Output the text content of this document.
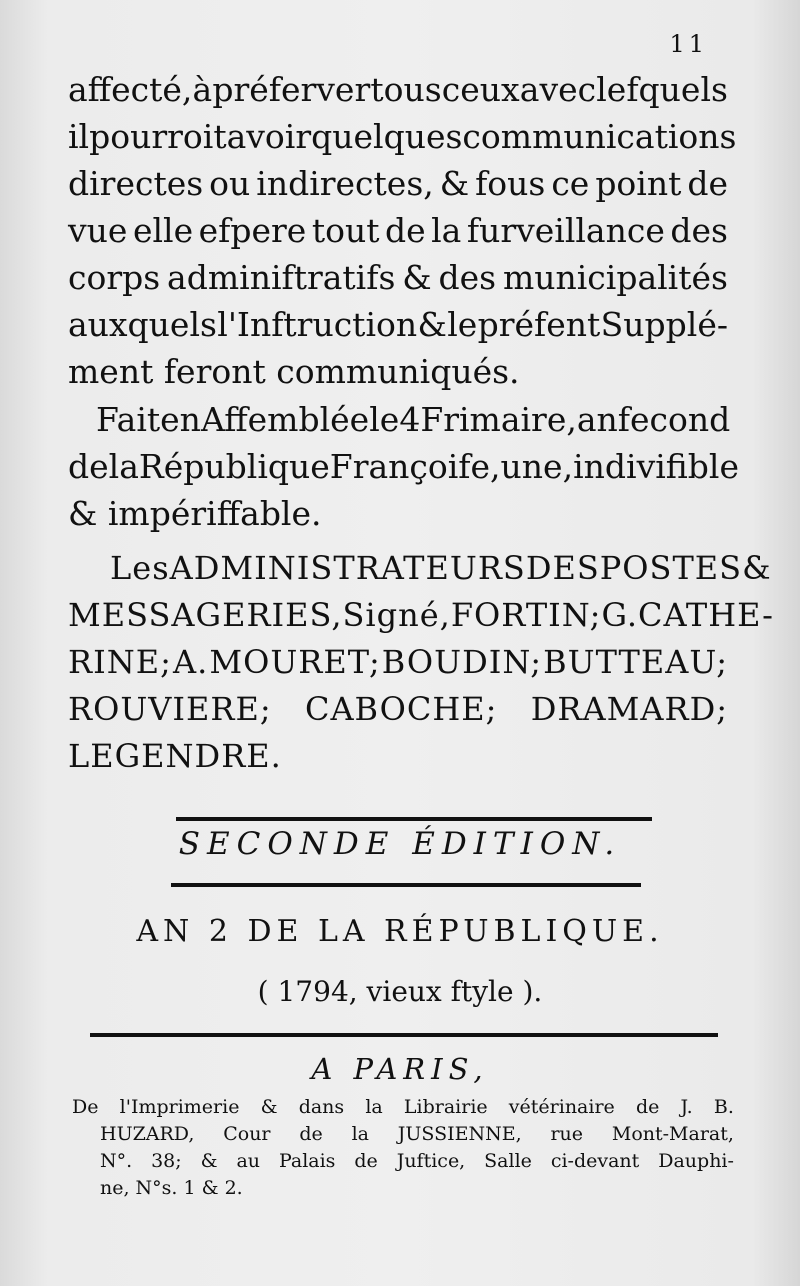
11
affecté, à préferver tous ceux avec lefquels
il pourroit avoir quelques communications
directes ou indirectes, & fous ce point de
vue elle efpere tout de la furveillance des
corps adminiftratifs & des municipalités
auxquels l'Inftruction & le préfent Supplé-
ment feront communiqués.
Fait en Affemblée le 4 Frimaire, an fecond
de la République Françoife, une, indivifible
& impériffable.
Les ADMINISTRATEURS DES POSTES &
MESSAGERIES, Signé, FORTIN; G. CATHE-
RINE; A. MOURET; BOUDIN; BUTTEAU;
ROUVIERE; CABOCHE; DRAMARD;
LEGENDRE.
SECONDE ÉDITION.
AN 2 DE LA RÉPUBLIQUE.
( 1794, vieux ftyle ).
A PARIS,
De l'Imprimerie & dans la Librairie vétérinaire de J. B.
HUZARD, Cour de la JUSSIENNE, rue Mont-Marat,
N°. 38; & au Palais de Juftice, Salle ci-devant Dauphi-
ne, N°s. 1 & 2.
